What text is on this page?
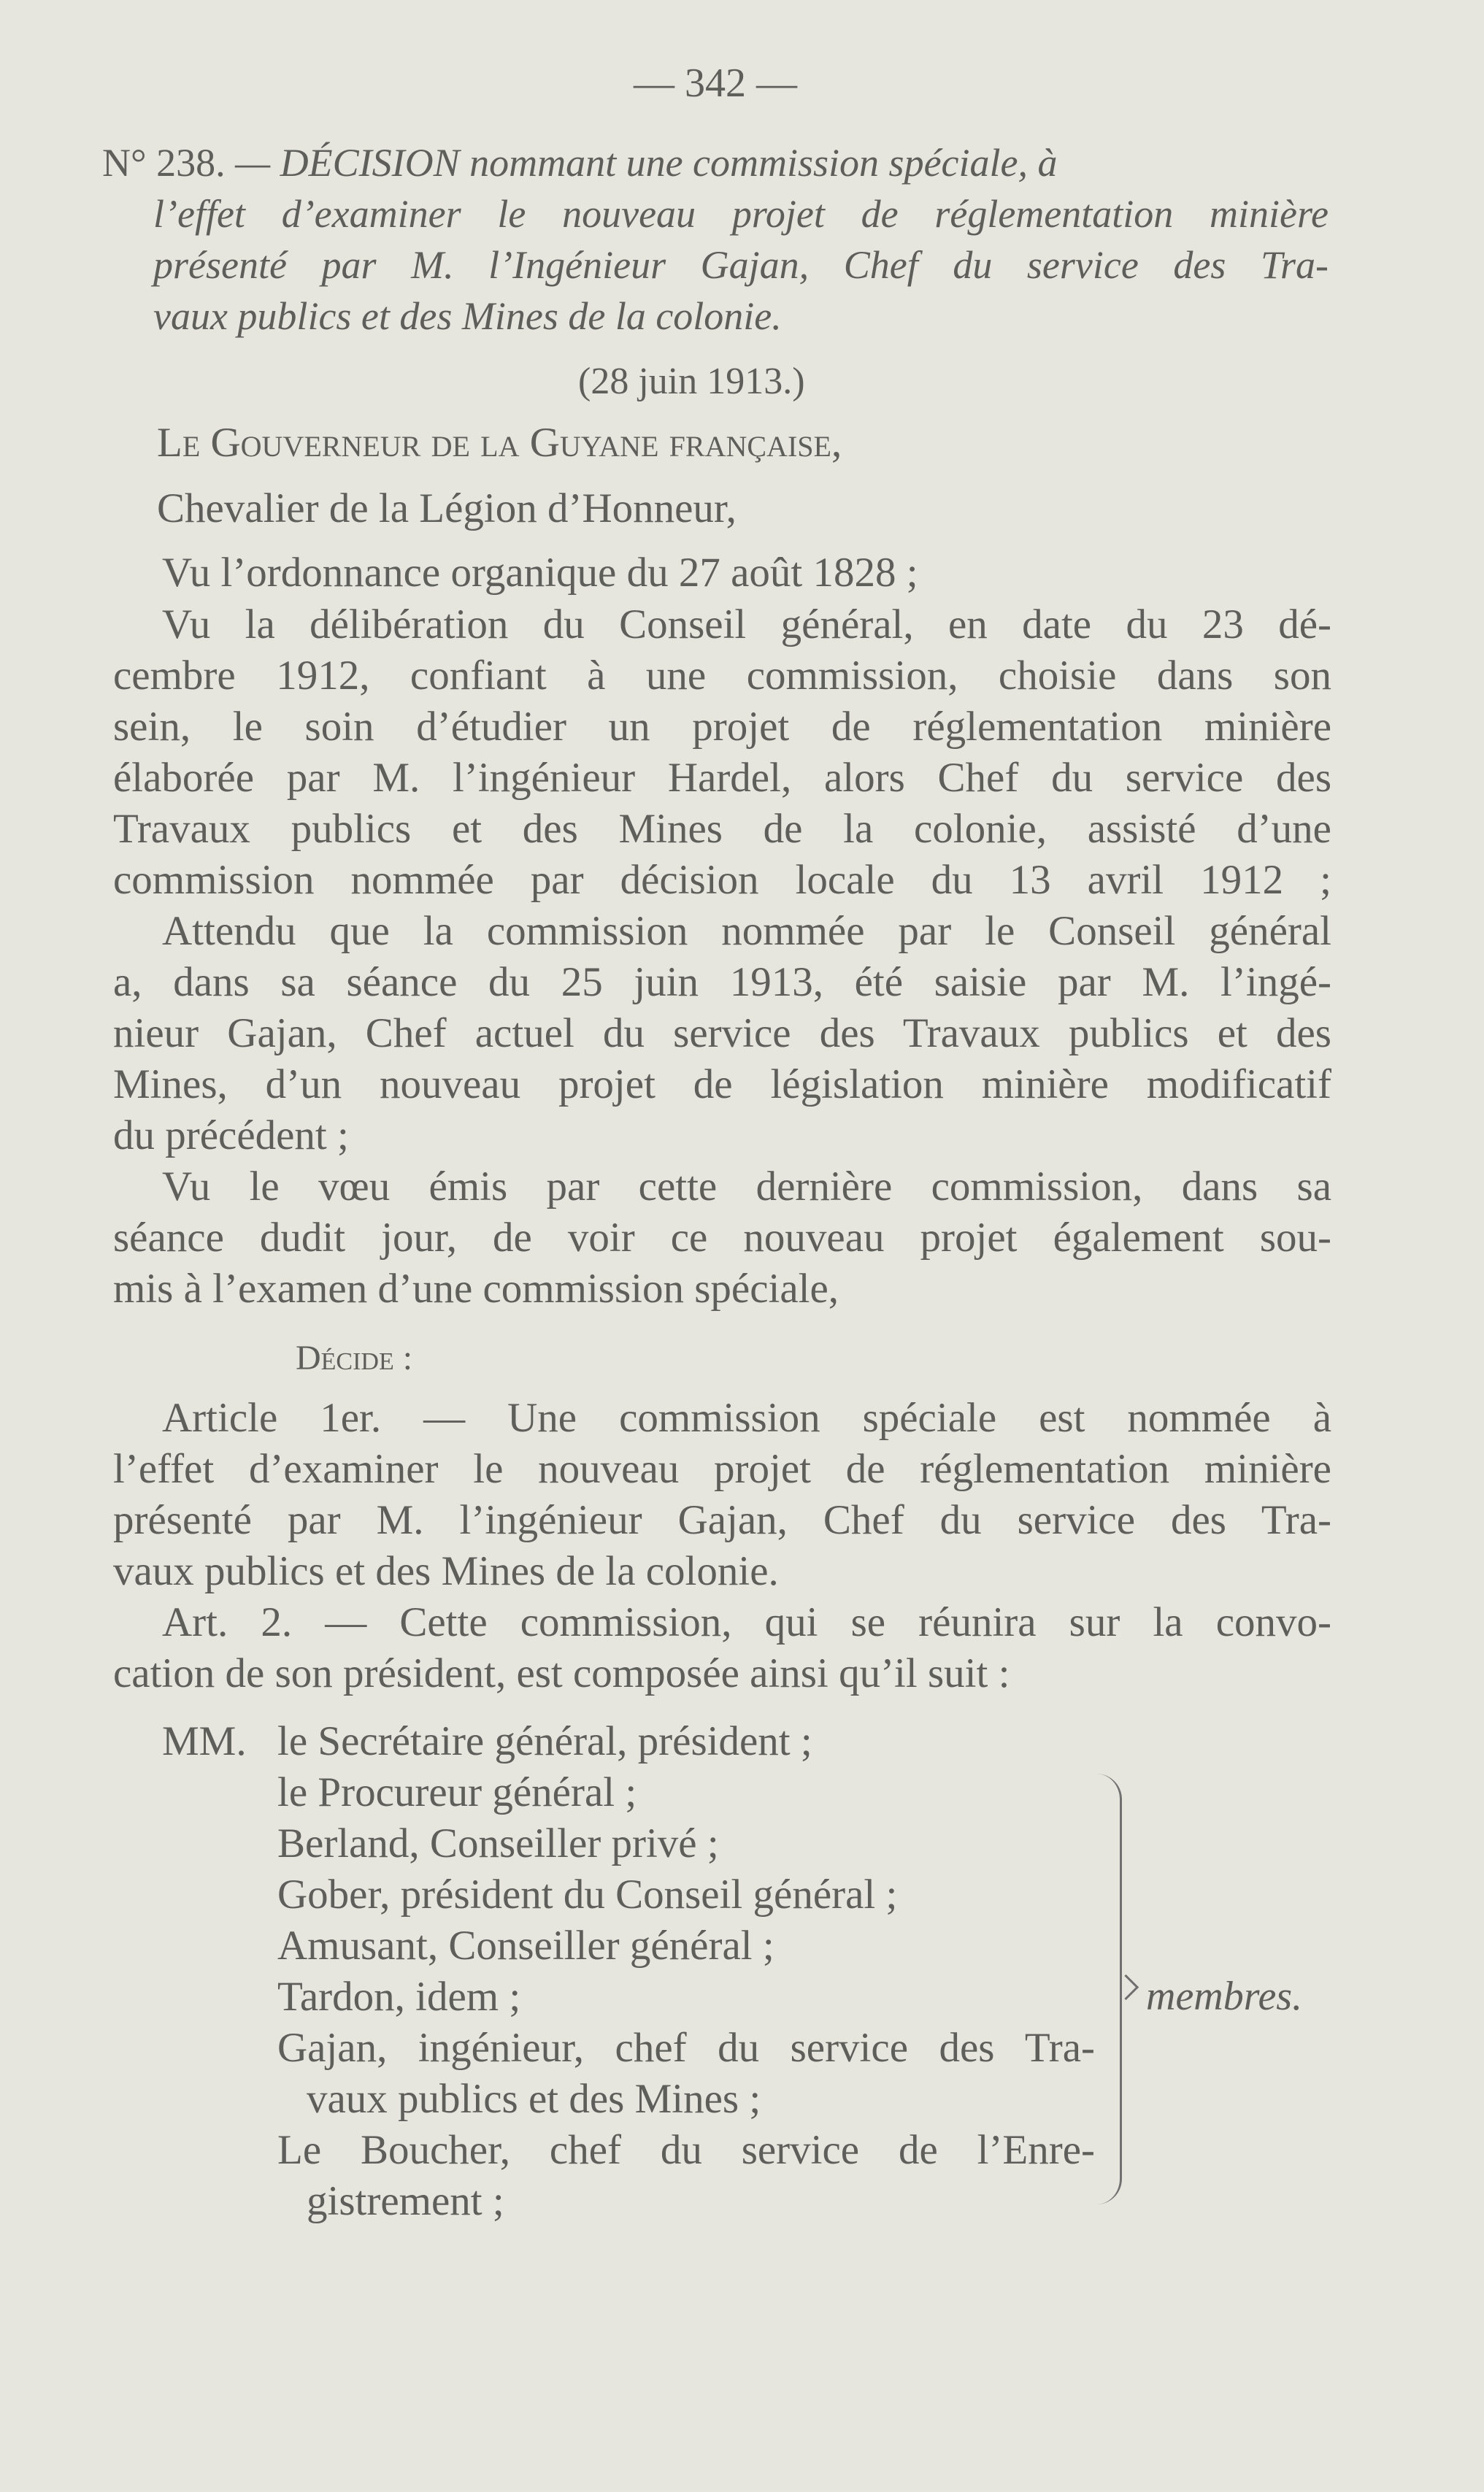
— 342 —
N° 238. — DÉCISION nommant une commission spéciale, à
l’effet d’examiner le nouveau projet de réglementation minière
présenté par M. l’Ingénieur Gajan, Chef du service des Tra-
vaux publics et des Mines de la colonie.
(28 juin 1913.)
Le Gouverneur de la Guyane française,
Chevalier de la Légion d’Honneur,
Vu l’ordonnance organique du 27 août 1828 ;
Vu la délibération du Conseil général, en date du 23 dé-
cembre 1912, confiant à une commission, choisie dans son
sein, le soin d’étudier un projet de réglementation minière
élaborée par M. l’ingénieur Hardel, alors Chef du service des
Travaux publics et des Mines de la colonie, assisté d’une
commission nommée par décision locale du 13 avril 1912 ;
Attendu que la commission nommée par le Conseil général
a, dans sa séance du 25 juin 1913, été saisie par M. l’ingé-
nieur Gajan, Chef actuel du service des Travaux publics et des
Mines, d’un nouveau projet de législation minière modificatif
du précédent ;
Vu le vœu émis par cette dernière commission, dans sa
séance dudit jour, de voir ce nouveau projet également sou-
mis à l’examen d’une commission spéciale,
Décide :
Article 1er. — Une commission spéciale est nommée à
l’effet d’examiner le nouveau projet de réglementation minière
présenté par M. l’ingénieur Gajan, Chef du service des Tra-
vaux publics et des Mines de la colonie.
Art. 2. — Cette commission, qui se réunira sur la convo-
cation de son président, est composée ainsi qu’il suit :
MM. le Secrétaire général, président ;
le Procureur général ;
Berland, Conseiller privé ;
Gober, président du Conseil général ;
Amusant, Conseiller général ;
Tardon, idem ;
Gajan, ingénieur, chef du service des Tra-
vaux publics et des Mines ;
Le Boucher, chef du service de l’Enre-
gistrement ;
membres.
